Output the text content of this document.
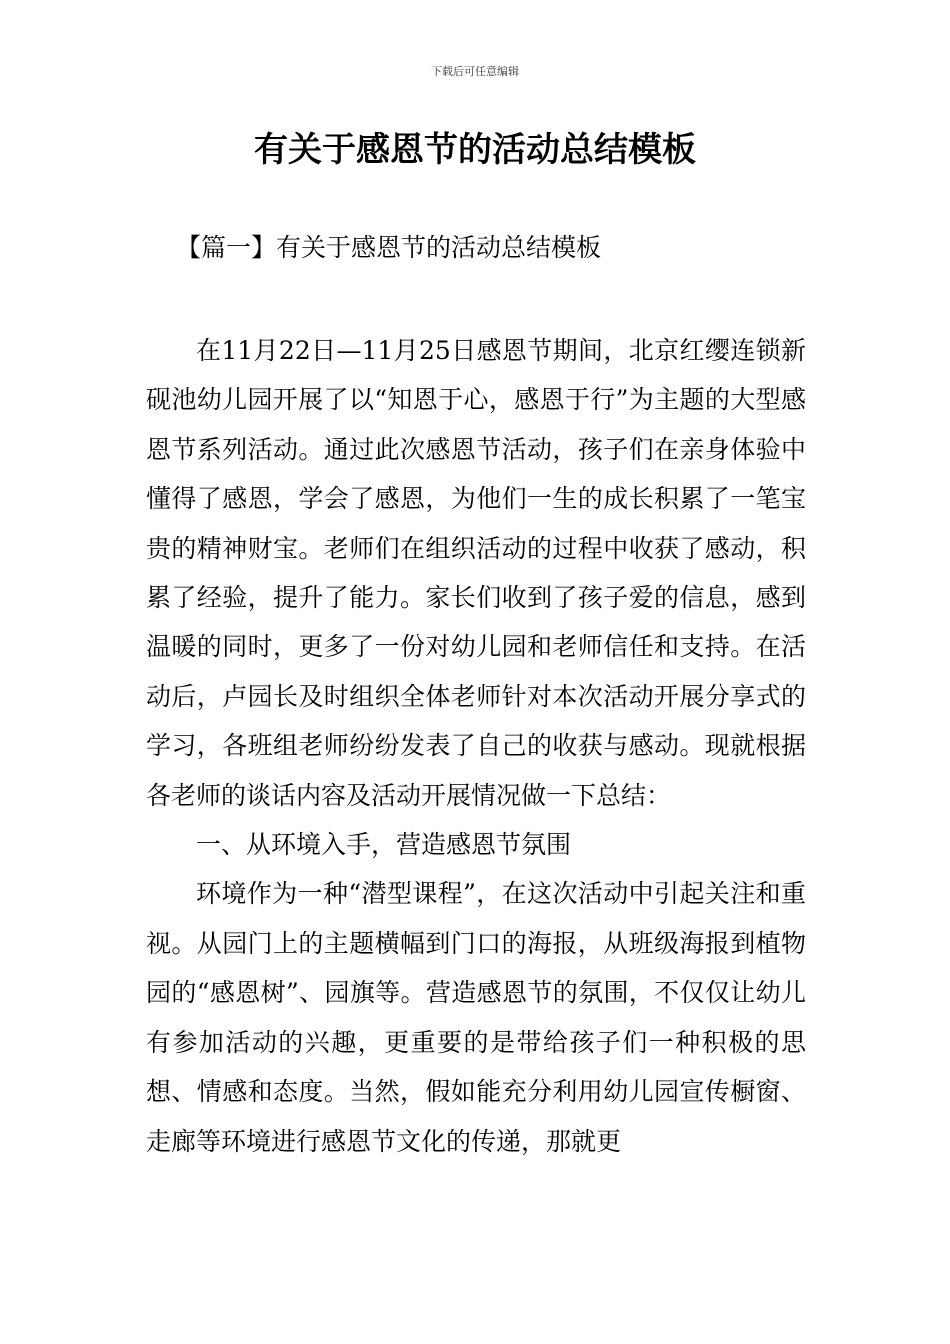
下载后可任意编辑
有关于感恩节的活动总结模板
【篇一】有关于感恩节的活动总结模板

在11月22日—11月25日感恩节期间，北京红缨连锁新砚池幼儿园开展了以“知恩于心，感恩于行”为主题的大型感恩节系列活动。通过此次感恩节活动，孩子们在亲身体验中懂得了感恩，学会了感恩，为他们一生的成长积累了一笔宝贵的精神财宝。老师们在组织活动的过程中收获了感动，积累了经验，提升了能力。家长们收到了孩子爱的信息，感到温暖的同时，更多了一份对幼儿园和老师信任和支持。在活动后，卢园长及时组织全体老师针对本次活动开展分享式的学习，各班组老师纷纷发表了自己的收获与感动。现就根据各老师的谈话内容及活动开展情况做一下总结：

一、从环境入手，营造感恩节氛围

环境作为一种“潜型课程”，在这次活动中引起关注和重视。从园门上的主题横幅到门口的海报，从班级海报到植物园的“感恩树”、园旗等。营造感恩节的氛围，不仅仅让幼儿有参加活动的兴趣，更重要的是带给孩子们一种积极的思想、情感和态度。当然，假如能充分利用幼儿园宣传橱窗、走廊等环境进行感恩节文化的传递，那就更
